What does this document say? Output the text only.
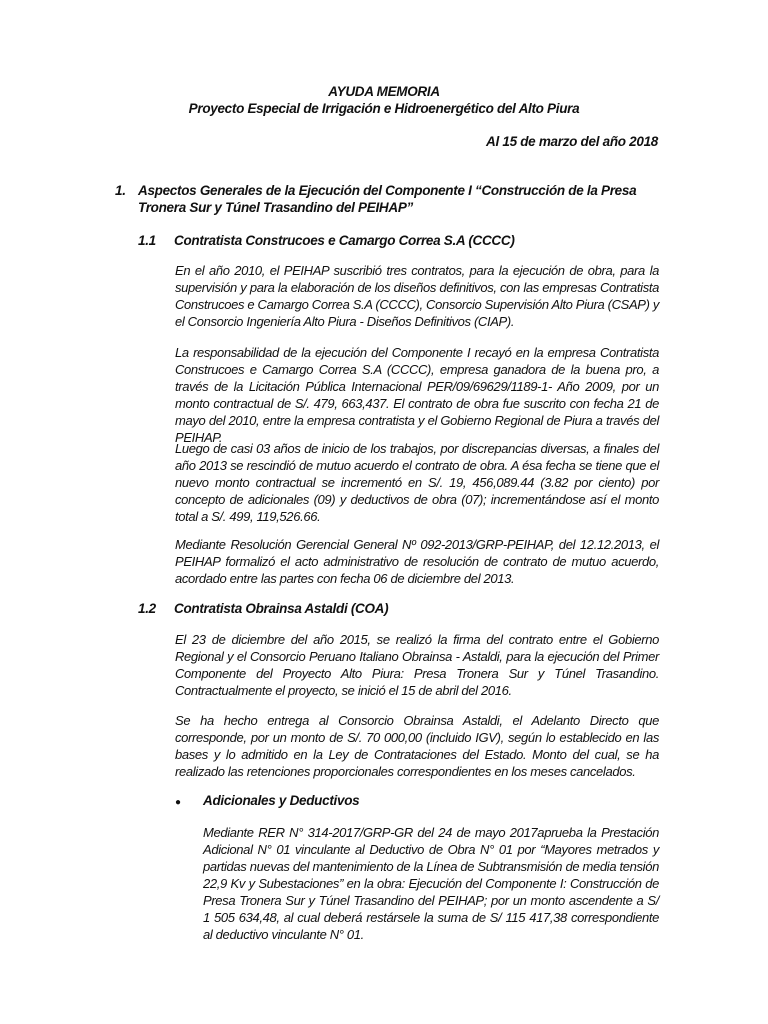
AYUDA MEMORIA
Proyecto Especial de Irrigación e Hidroenergético del Alto Piura
Al 15 de marzo del año 2018
1. Aspectos Generales de la Ejecución del Componente I “Construcción de la Presa Tronera Sur y Túnel Trasandino del PEIHAP”
1.1 Contratista Construcoes e Camargo Correa S.A (CCCC)
En el año 2010, el PEIHAP suscribió tres contratos, para la ejecución de obra, para la supervisión y para la elaboración de los diseños definitivos, con las empresas Contratista Construcoes e Camargo Correa S.A (CCCC), Consorcio Supervisión Alto Piura (CSAP) y el Consorcio Ingeniería Alto Piura - Diseños Definitivos (CIAP).
La responsabilidad de la ejecución del Componente I recayó en la empresa Contratista Construcoes e Camargo Correa S.A (CCCC), empresa ganadora de la buena pro, a través de la Licitación Pública Internacional PER/09/69629/1189-1- Año 2009, por un monto contractual de S/. 479, 663,437. El contrato de obra fue suscrito con fecha 21 de mayo del 2010, entre la empresa contratista y el Gobierno Regional de Piura a través del PEIHAP.
Luego de casi 03 años de inicio de los trabajos, por discrepancias diversas, a finales del año 2013 se rescindió de mutuo acuerdo el contrato de obra. A ésa fecha se tiene que el nuevo monto contractual se incrementó en S/. 19, 456,089.44 (3.82 por ciento) por concepto de adicionales (09) y deductivos de obra (07); incrementándose así el monto total a S/. 499, 119,526.66.
Mediante Resolución Gerencial General Nº 092-2013/GRP-PEIHAP, del 12.12.2013, el PEIHAP formalizó el acto administrativo de resolución de contrato de mutuo acuerdo, acordado entre las partes con fecha 06 de diciembre del 2013.
1.2 Contratista Obrainsa Astaldi (COA)
El 23 de diciembre del año 2015, se realizó la firma del contrato entre el Gobierno Regional y el Consorcio Peruano Italiano Obrainsa - Astaldi, para la ejecución del Primer Componente del Proyecto Alto Piura: Presa Tronera Sur y Túnel Trasandino. Contractualmente el proyecto, se inició el 15 de abril del 2016.
Se ha hecho entrega al Consorcio Obrainsa Astaldi, el Adelanto Directo que corresponde, por un monto de S/. 70 000,00 (incluido IGV), según lo establecido en las bases y lo admitido en la Ley de Contrataciones del Estado. Monto del cual, se ha realizado las retenciones proporcionales correspondientes en los meses cancelados.
● Adicionales y Deductivos
Mediante RER N° 314-2017/GRP-GR del 24 de mayo 2017aprueba la Prestación Adicional N° 01 vinculante al Deductivo de Obra N° 01 por “Mayores metrados y partidas nuevas del mantenimiento de la Línea de Subtransmisión de media tensión 22,9 Kv y Subestaciones” en la obra: Ejecución del Componente I: Construcción de Presa Tronera Sur y Túnel Trasandino del PEIHAP; por un monto ascendente a S/ 1 505 634,48, al cual deberá restársele la suma de S/ 115 417,38 correspondiente al deductivo vinculante N° 01.
